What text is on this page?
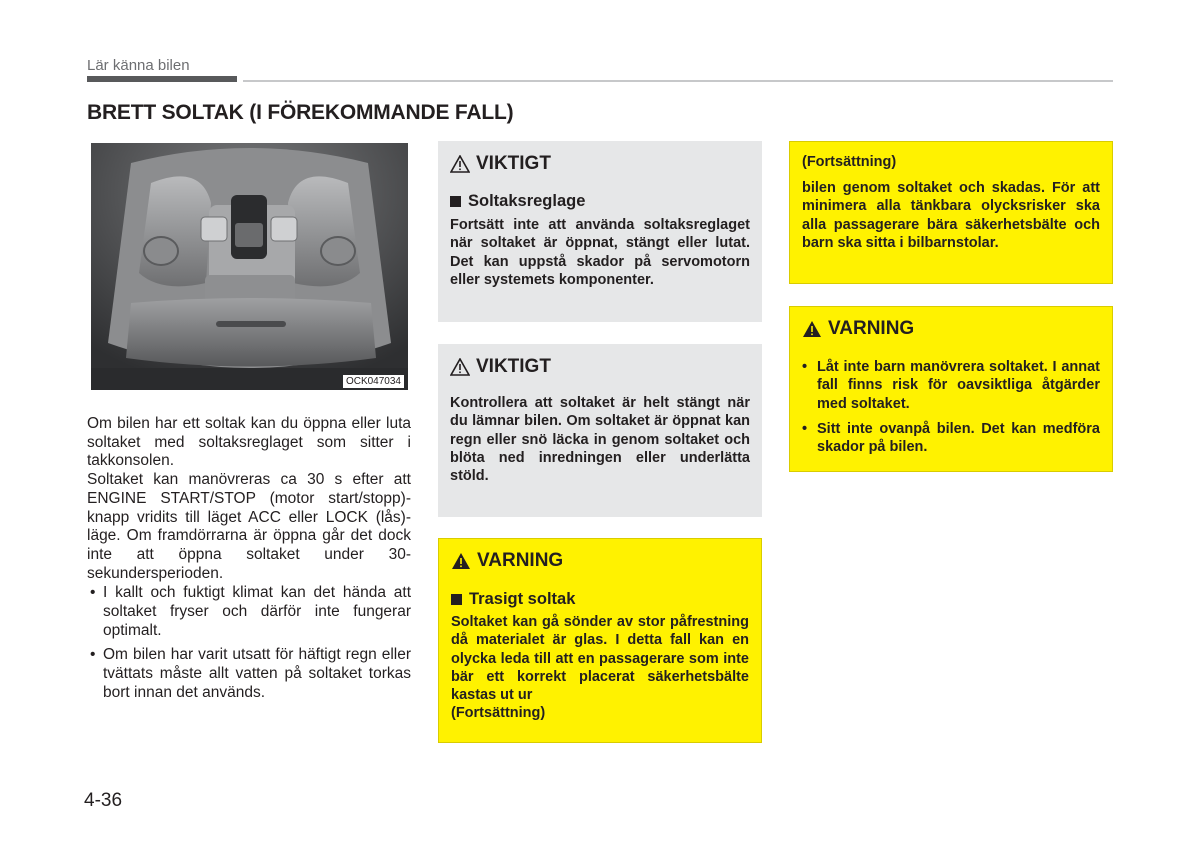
Lär känna bilen
BRETT SOLTAK (I FÖREKOMMANDE FALL)
OCK047034

Om bilen har ett soltak kan du öppna eller luta soltaket med soltaksreglaget som sitter i takkonsolen.

Soltaket kan manövreras ca 30 s efter att ENGINE START/STOP (motor start/stopp)-knapp vridits till läget ACC eller LOCK (lås)-läge. Om framdörrarna är öppna går det dock inte att öppna soltaket under 30-sekundersperioden.

• I kallt och fuktigt klimat kan det hända att soltaket fryser och därför inte fungerar optimalt.
• Om bilen har varit utsatt för häftigt regn eller tvättats måste allt vatten på soltaket torkas bort innan det används.
VIKTIGT
Soltaksreglage

Fortsätt inte att använda soltaksreglaget när soltaket är öppnat, stängt eller lutat. Det kan uppstå skador på servomotorn eller systemets komponenter.

VIKTIGT

Kontrollera att soltaket är helt stängt när du lämnar bilen. Om soltaket är öppnat kan regn eller snö läcka in genom soltaket och blöta ned inredningen eller underlätta stöld.

VARNING
Trasigt soltak

Soltaket kan gå sönder av stor påfrestning då materialet är glas. I detta fall kan en olycka leda till att en passagerare som inte bär ett korrekt placerat säkerhetsbälte kastas ut ur

(Fortsättning)

(Fortsättning)

bilen genom soltaket och skadas. För att minimera alla tänkbara olycksrisker ska alla passagerare bära säkerhetsbälte och barn ska sitta i bilbarnstolar.

VARNING
• Låt inte barn manövrera soltaket. I annat fall finns risk för oavsiktliga åtgärder med soltaket.
• Sitt inte ovanpå bilen. Det kan medföra skador på bilen.
4-36
